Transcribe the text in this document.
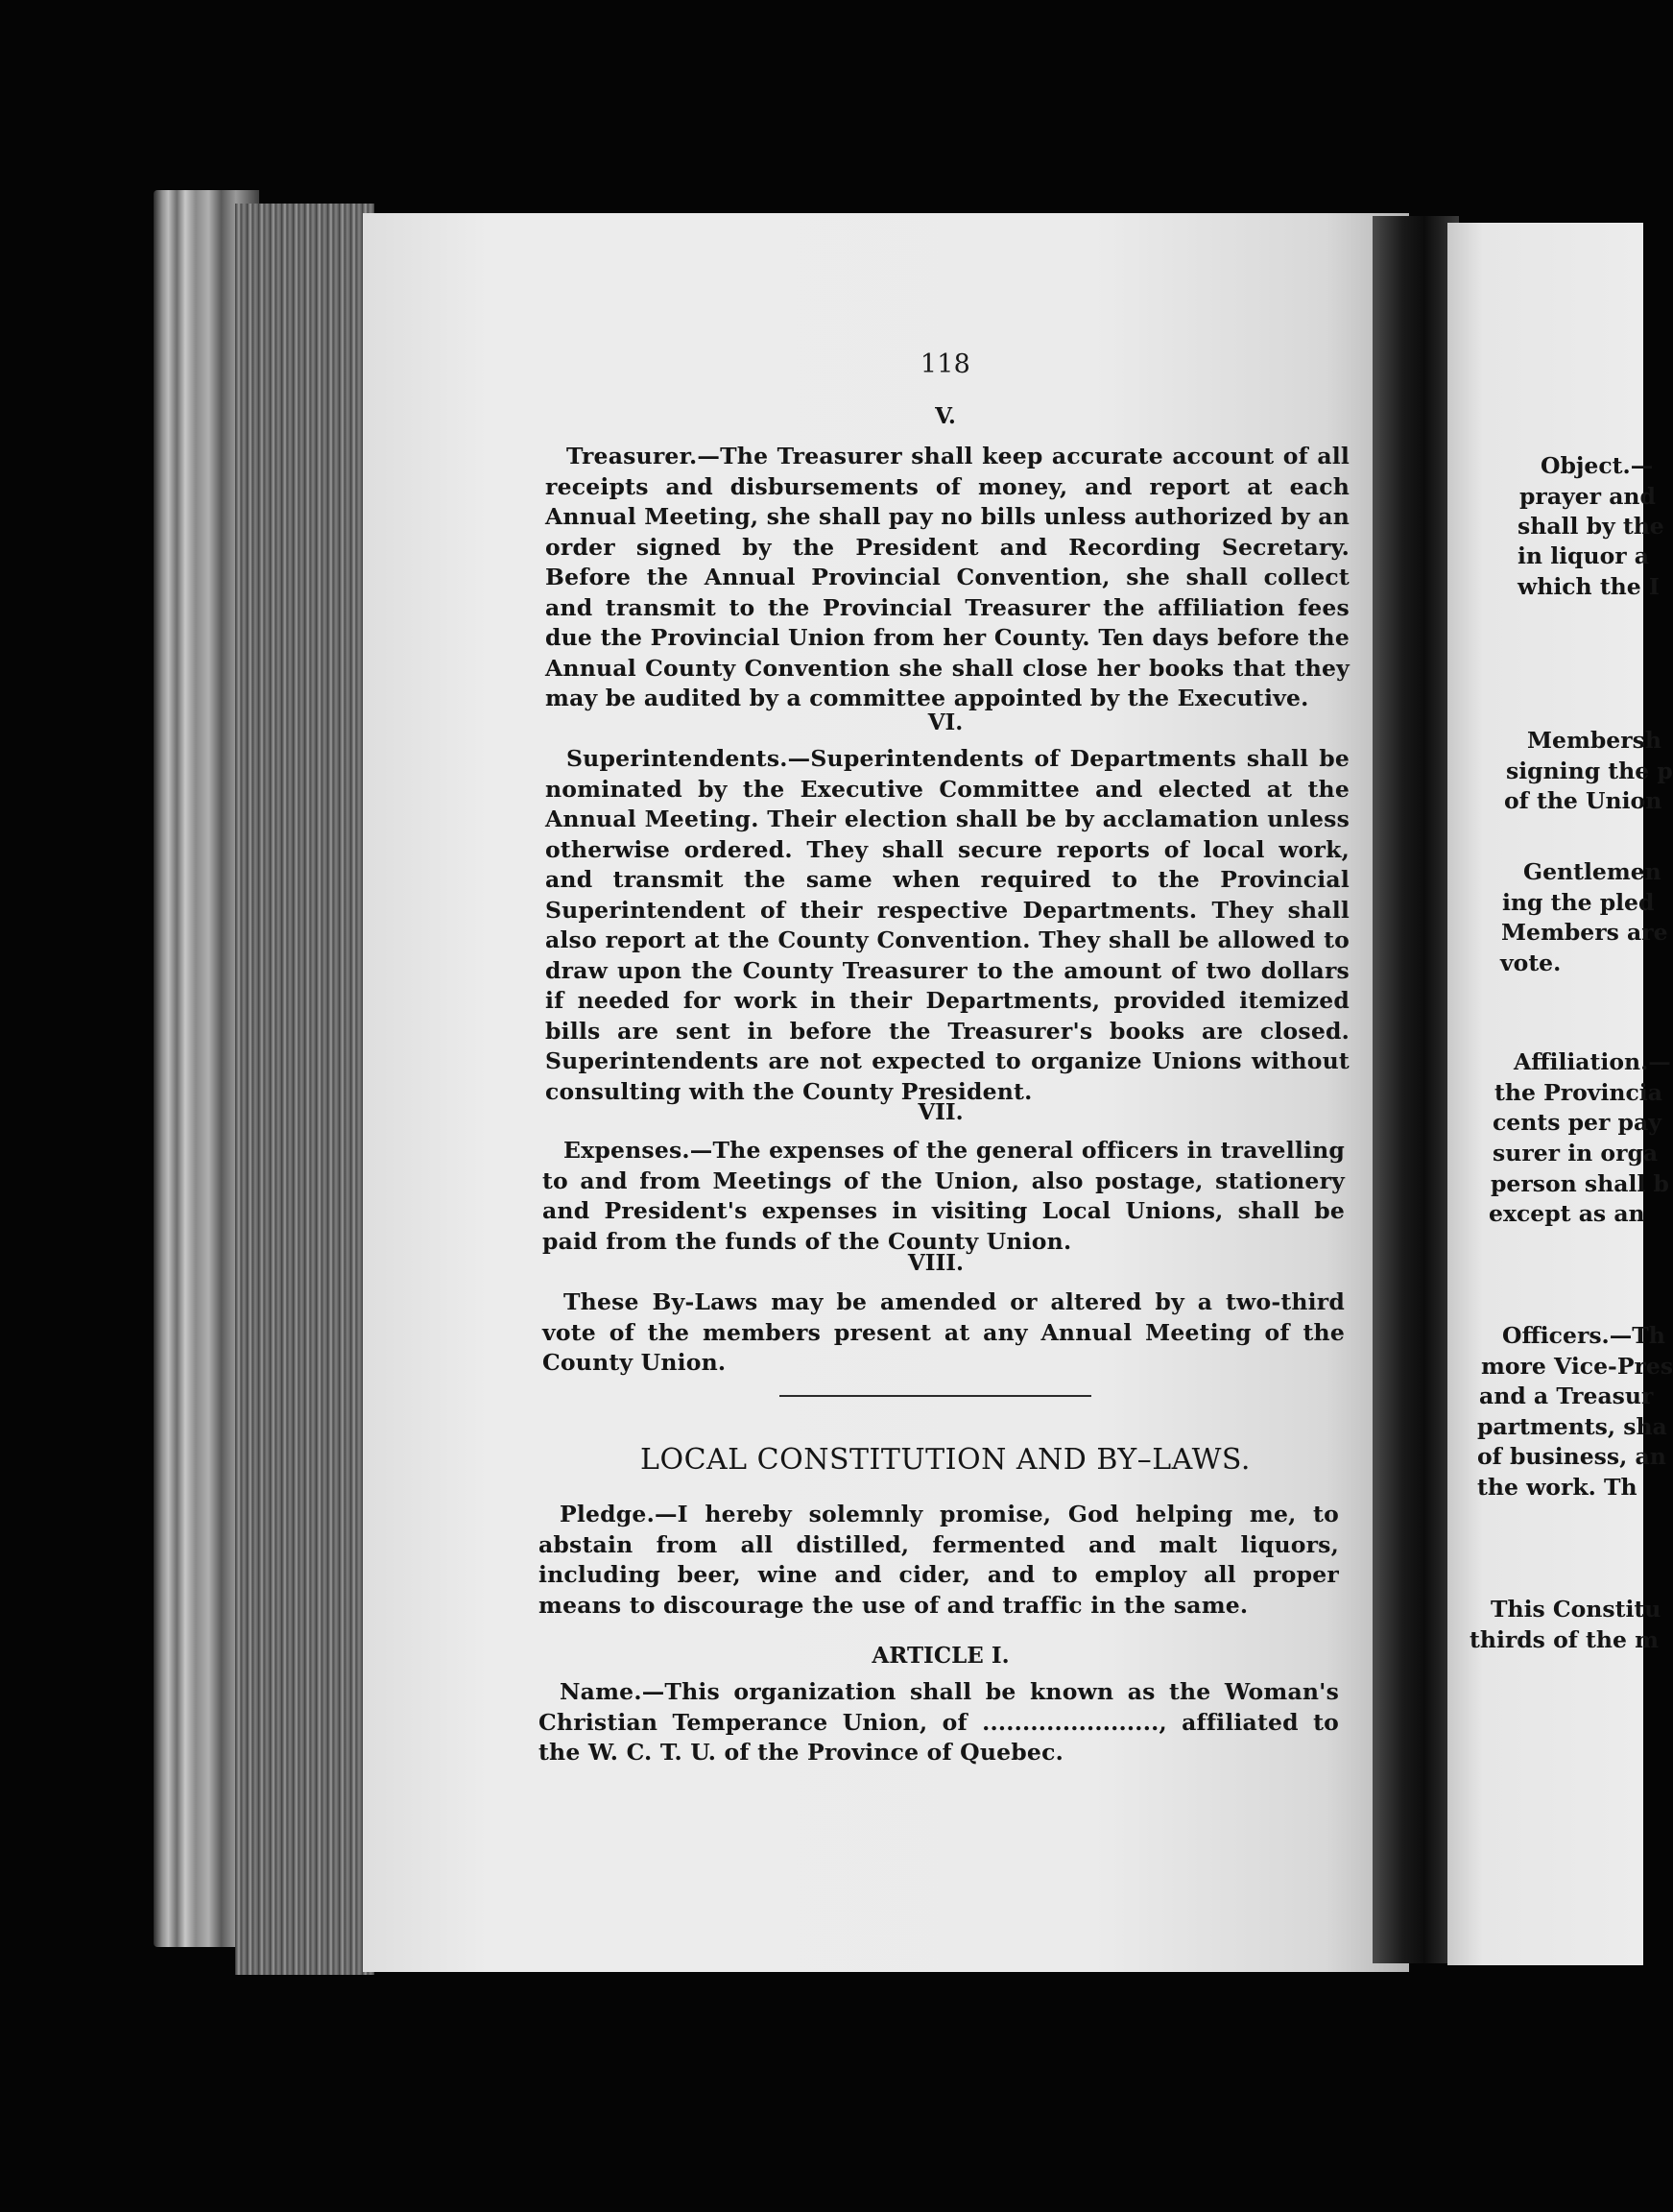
118
V.

Treasurer.—The Treasurer shall keep accurate account of all receipts and disbursements of money, and report at each Annual Meeting, she shall pay no bills unless authorized by an order signed by the President and Recording Secretary. Before the Annual Provincial Convention, she shall collect and transmit to the Provincial Treasurer the affiliation fees due the Provincial Union from her County. Ten days before the Annual County Convention she shall close her books that they may be audited by a committee appointed by the Executive.

VI.

Superintendents.—Superintendents of Departments shall be nominated by the Executive Committee and elected at the Annual Meeting. Their election shall be by acclamation unless otherwise ordered. They shall secure reports of local work, and transmit the same when required to the Provincial Superintendent of their respective Departments. They shall also report at the County Convention. They shall be allowed to draw upon the County Treasurer to the amount of two dollars if needed for work in their Departments, provided itemized bills are sent in before the Treasurer's books are closed. Superintendents are not expected to organize Unions without consulting with the County President.

VII.

Expenses.—The expenses of the general officers in travelling to and from Meetings of the Union, also postage, stationery and President's expenses in visiting Local Unions, shall be paid from the funds of the County Union.

VIII.

These By-Laws may be amended or altered by a two-third vote of the members present at any Annual Meeting of the County Union.

LOCAL CONSTITUTION AND BY–LAWS.

Pledge.—I hereby solemnly promise, God helping me, to abstain from all distilled, fermented and malt liquors, including beer, wine and cider, and to employ all proper means to discourage the use of and traffic in the same.

ARTICLE I.

Name.—This organization shall be known as the Woman's Christian Temperance Union, of ......................, affiliated to the W. C. T. U. of the Province of Quebec.

Object.—
prayer and
shall by the
in liquor a
which the I
Membersh
signing the p
of the Union
Gentlemen
ing the pled
Members are
vote.
Affiliation.—
the Provincia
cents per pay
surer in orga
person shall b
except as an
Officers.—Th
more Vice-Pres
and a Treasur
partments, sha
of business, an
the work. Th
This Constitu
thirds of the m
